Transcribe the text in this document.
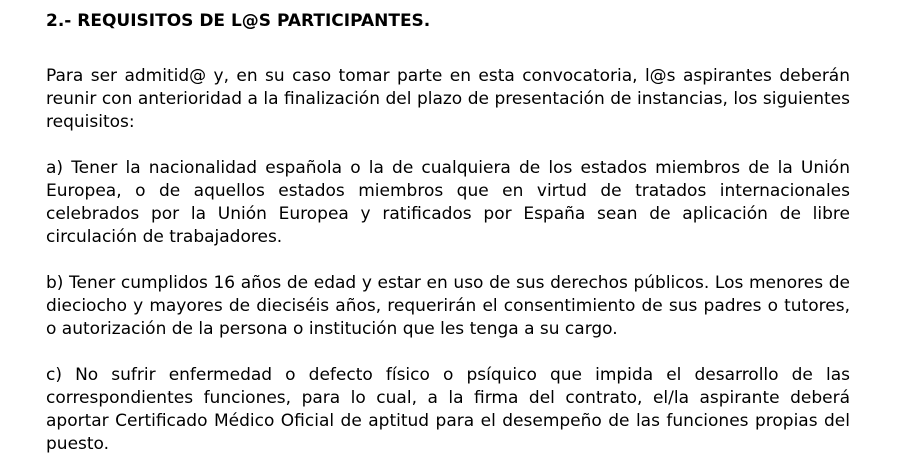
2.- REQUISITOS DE L@S PARTICIPANTES.

Para ser admitid@ y, en su caso tomar parte en esta convocatoria, l@s aspirantes deberán reunir con anterioridad a la finalización del plazo de presentación de instancias, los siguientes requisitos:

a) Tener la nacionalidad española o la de cualquiera de los estados miembros de la Unión Europea, o de aquellos estados miembros que en virtud de tratados internacionales celebrados por la Unión Europea y ratificados por España sean de aplicación de libre circulación de trabajadores.

b) Tener cumplidos 16 años de edad y estar en uso de sus derechos públicos. Los menores de dieciocho y mayores de dieciséis años, requerirán el consentimiento de sus padres o tutores, o autorización de la persona o institución que les tenga a su cargo.

c) No sufrir enfermedad o defecto físico o psíquico que impida el desarrollo de las correspondientes funciones, para lo cual, a la firma del contrato, el/la aspirante deberá aportar Certificado Médico Oficial de aptitud para el desempeño de las funciones propias del puesto.
